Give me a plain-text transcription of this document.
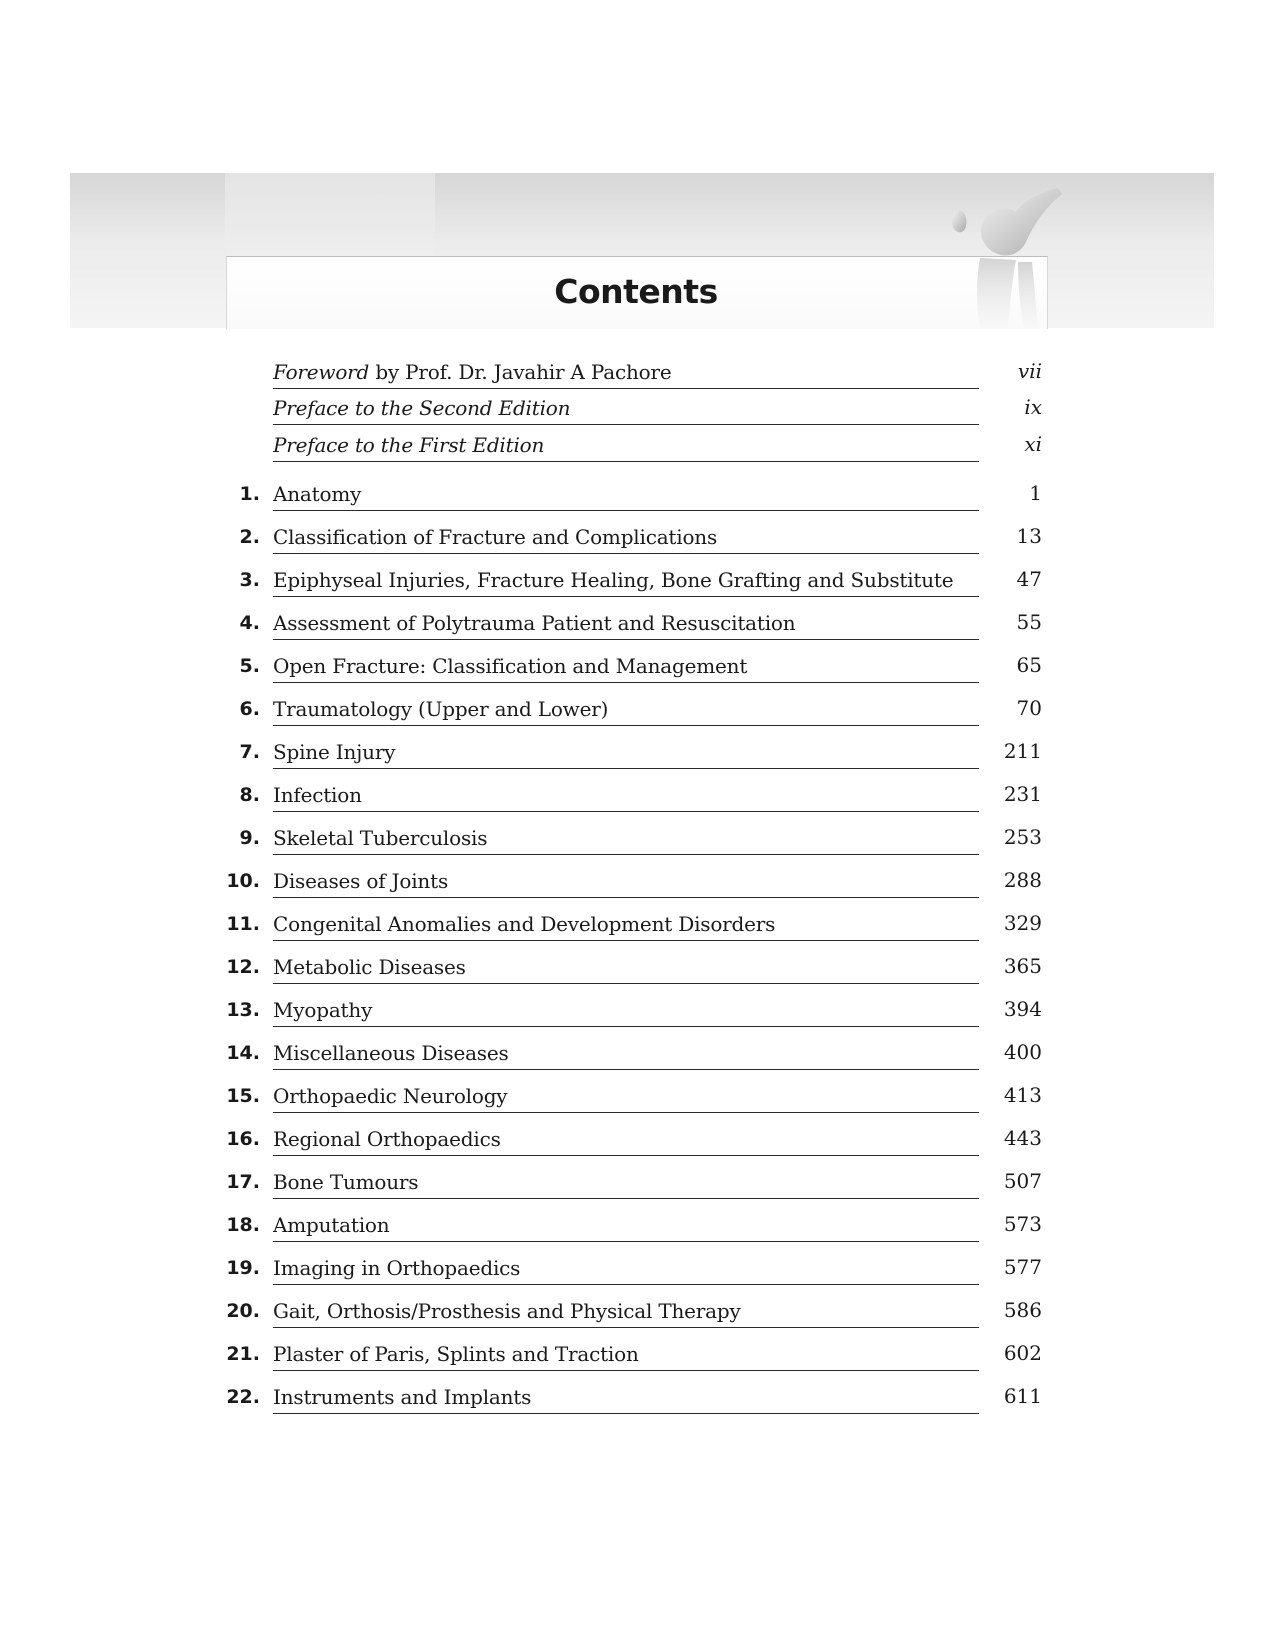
Contents
Foreword by Prof. Dr. Javahir A Pachore	vii
Preface to the Second Edition	ix
Preface to the First Edition	xi
1. Anatomy	1
2. Classification of Fracture and Complications	13
3. Epiphyseal Injuries, Fracture Healing, Bone Grafting and Substitute	47
4. Assessment of Polytrauma Patient and Resuscitation	55
5. Open Fracture: Classification and Management	65
6. Traumatology (Upper and Lower)	70
7. Spine Injury	211
8. Infection	231
9. Skeletal Tuberculosis	253
10. Diseases of Joints	288
11. Congenital Anomalies and Development Disorders	329
12. Metabolic Diseases	365
13. Myopathy	394
14. Miscellaneous Diseases	400
15. Orthopaedic Neurology	413
16. Regional Orthopaedics	443
17. Bone Tumours	507
18. Amputation	573
19. Imaging in Orthopaedics	577
20. Gait, Orthosis/Prosthesis and Physical Therapy	586
21. Plaster of Paris, Splints and Traction	602
22. Instruments and Implants	611
